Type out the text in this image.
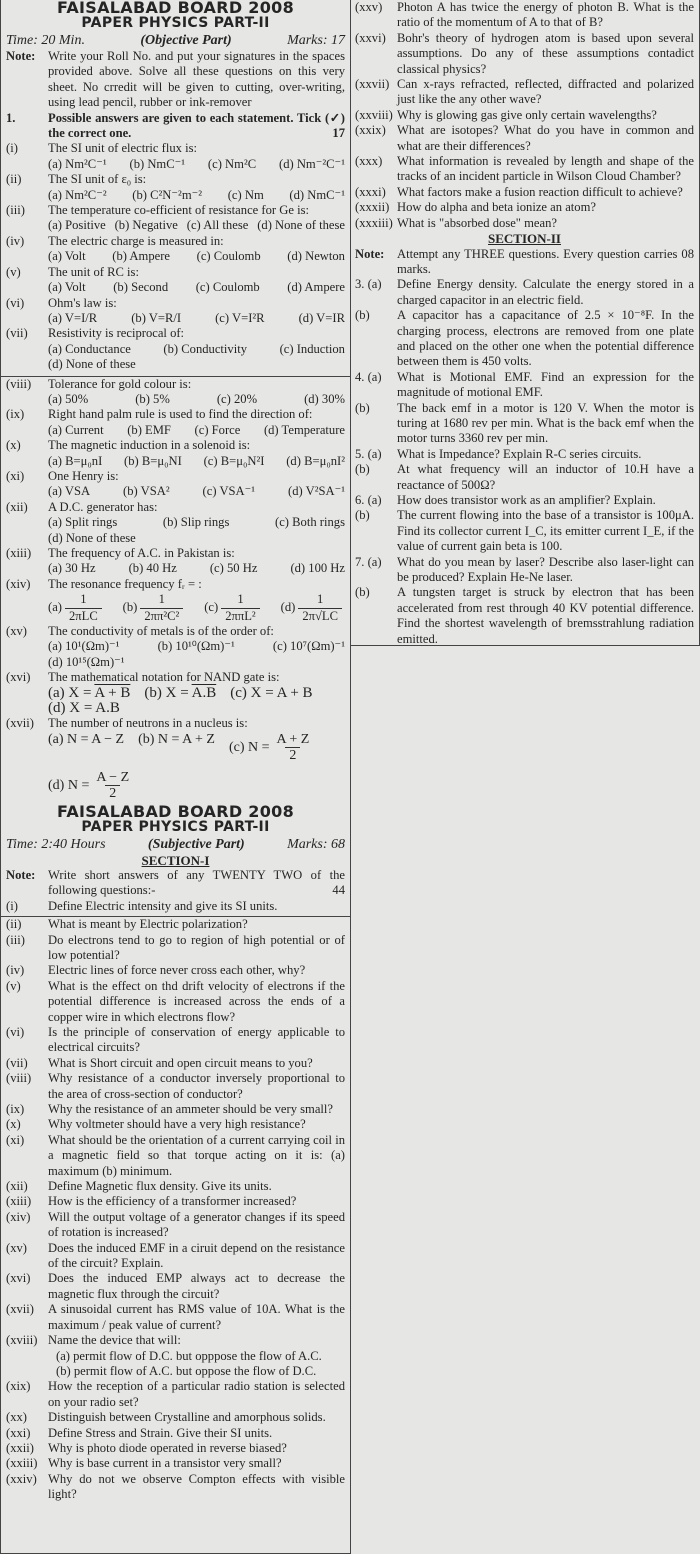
FAISALABAD BOARD 2008
PAPER PHYSICS PART-II
Time: 20 Min.	(Objective Part)	Marks: 17
Note:	Write your Roll No. and put your signatures in the spaces provided above. Solve all these questions on this very sheet. No crredit will be given to cutting, over-writing, using lead pencil, rubber or ink-remover
1.	Possible answers are given to each statement. Tick (✓) the correct one.	17
(i)	The SI unit of electric flux is:
(a) Nm²C⁻¹ (b) NmC⁻¹ (c) Nm²C (d) Nm⁻²C⁻¹
(ii)	The SI unit of ε₀ is:
(a) Nm²C⁻² (b) C²N⁻²m⁻² (c) Nm (d) NmC⁻¹
(iii)	The temperature co-efficient of resistance for Ge is:
(a) Positive (b) Negative (c) All these (d) None of these
(iv)	The electric charge is measured in:
(a) Volt (b) Ampere (c) Coulomb (d) Newton
(v)	The unit of RC is:
(a) Volt (b) Second (c) Coulomb (d) Ampere
(vi)	Ohm's law is:
(a) V=I/R	(b) V=R/I	(c) V=I²R	(d) V=IR
(vii)	Resistivity is reciprocal of:
(a) Conductance	(b) Conductivity	(c) Induction
(d) None of these
(viii)	Tolerance for gold colour is:
(a) 50%	(b) 5%	(c) 20%	(d) 30%
(ix)	Right hand palm rule is used to find the direction of:
(a) Current (b) EMF (c) Force (d) Temperature
(x)	The magnetic induction in a solenoid is:
(a) B=μ₀nI (b) B=μ₀NI (c) B=μ₀N²I (d) B=μ₀nI²
(xi)	One Henry is:
(a) VSA	(b) VSA²	(c) VSA⁻¹	(d) V²SA⁻¹
(xii)	A D.C. generator has:
(a) Split rings	(b) Slip rings	(c) Both rings
(d) None of these
(xiii)	The frequency of A.C. in Pakistan is:
(a) 30 Hz	(b) 40 Hz	(c) 50 Hz	(d) 100 Hz
(xiv)	The resonance frequency fᵣ = :
$(a) \frac{1}{\text{2πLC}} (b) \frac{1}{\text{2ππ²C²}} (c) \frac{1}{\text{2ππL²}} (d) \frac{1}{2\pi√LC}$
(xv)	The conductivity of metals is of the order of:
(a) 10¹(Ωm)⁻¹	(b) 10¹⁰(Ωm)⁻¹	(c) 10⁷(Ωm)⁻¹
(d) 10¹⁵(Ωm)⁻¹
(xvi)	The mathematical notation for NAND gate is:
(a) X = A + B (b) X = A.B (c) X = A + B
(d) X = A.B
(xvii)	The number of neutrons in a nucleus is:
(a) N = A − Z (b) N = A + Z
(c) $N = \frac{A + Z}{2}$
(d) $N = \frac{A - Z}{2}$
FAISALABAD BOARD 2008
PAPER PHYSICS PART-II
Time: 2:40 Hours	(Subjective Part)	Marks: 68
SECTION-I
Note:	Write short answers of any TWENTY TWO of the following questions:-	44
(i)	Define Electric intensity and give its SI units.
(ii)	What is meant by Electric polarization?
(iii)	Do electrons tend to go to region of high potential or of low potential?
(iv)	Electric lines of force never cross each other, why?
(v)	What is the effect on thd drift velocity of electrons if the potential difference is increased across the ends of a copper wire in which electrons flow?
(vi)	Is the principle of conservation of energy applicable to electrical circuits?
(vii)	What is Short circuit and open circuit means to you?
(viii)	Why resistance of a conductor inversely proportional to the area of cross-section of conductor?
(ix)	Why the resistance of an ammeter should be very small?
(x)	Why voltmeter should have a very high resistance?
(xi)	What should be the orientation of a current carrying coil in a magnetic field so that torque acting on it is: (a) maximum (b) minimum.
(xii)	Define Magnetic flux density. Give its units.
(xiii)	How is the efficiency of a transformer increased?
(xiv)	Will the output voltage of a generator changes if its speed of rotation is increased?
(xv)	Does the induced EMF in a ciruit depend on the resistance of the circuit? Explain.
(xvi)	Does the induced EMP always act to decrease the magnetic flux through the circuit?
(xvii)	A sinusoidal current has RMS value of 10A. What is the maximum / peak value of current?
(xviii) Name the device that will:
(a) permit flow of D.C. but opppose the flow of A.C.
(b) permit flow of A.C. but oppose the flow of D.C.
(xix)	How the reception of a particular radio station is selected on your radio set?
(xx)	Distinguish between Crystalline and amorphous solids.
(xxi)	Define Stress and Strain. Give their SI units.
(xxii)	Why is photo diode operated in reverse biased?
(xxiii) Why is base current in a transistor very small?
(xxiv) Why do not we observe Compton effects with visible light?
(xxv)	Photon A has twice the energy of photon B. What is the ratio of the momentum of A to that of B?
(xxvi) Bohr's theory of hydrogen atom is based upon several assumptions. Do any of these assumptions contadict classical physics?
(xxvii) Can x-rays refracted, reflected, diffracted and polarized just like the any other wave?
(xxviii) Why is glowing gas give only certain wavelengths?
(xxix) What are isotopes? What do you have in common and what are their differences?
(xxx)	What information is revealed by length and shape of the tracks of an incident particle in Wilson Cloud Chamber?
(xxxi) What factors make a fusion reaction difficult to achieve?
(xxxii) How do alpha and beta ionize an atom?
(xxxiii) What is "absorbed dose" mean?
SECTION-II
Note:	Attempt any THREE questions. Every question carries 08 marks.
3. (a)	Define Energy density. Calculate the energy stored in a charged capacitor in an electric field.
(b)	A capacitor has a capacitance of 2.5 × 10⁻⁸F. In the charging process, electrons are removed from one plate and placed on the other one when the potential difference between them is 450 volts.
4. (a)	What is Motional EMF. Find an expression for the magnitude of motional EMF.
(b)	The back emf in a motor is 120 V. When the motor is turing at 1680 rev per min. What is the back emf when the motor turns 3360 rev per min.
5. (a)	What is Impedance? Explain R-C series circuits.
(b)	At what frequency will an inductor of 10.H have a reactance of 500Ω?
6. (a)	How does transistor work as an amplifier? Explain.
(b)	The current flowing into the base of a transistor is 100μA. Find its collector current I_C, its emitter current I_E, if the value of current gain beta is 100.
7. (a)	What do you mean by laser? Describe also laser-light can be produced? Explain He-Ne laser.
(b)	A tungsten target is struck by electron that has been accelerated from rest through 40 KV potential difference. Find the shortest wavelength of bremsstrahlung radiation emitted.
